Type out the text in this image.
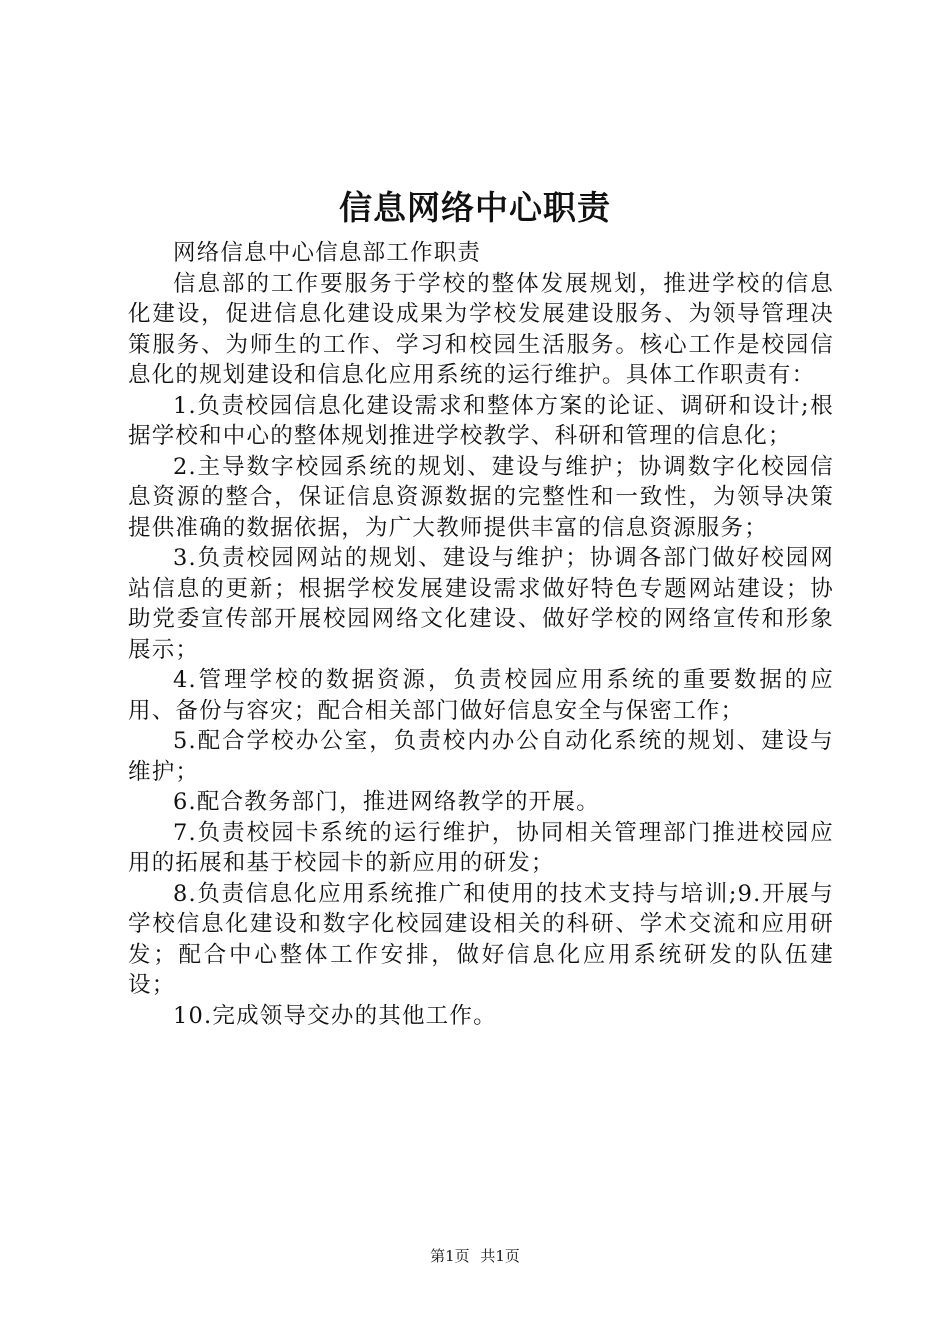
信息网络中心职责

网络信息中心信息部工作职责

信息部的工作要服务于学校的整体发展规划，推进学校的信息化建设，促进信息化建设成果为学校发展建设服务、为领导管理决策服务、为师生的工作、学习和校园生活服务。核心工作是校园信息化的规划建设和信息化应用系统的运行维护。具体工作职责有：

1.负责校园信息化建设需求和整体方案的论证、调研和设计;根据学校和中心的整体规划推进学校教学、科研和管理的信息化；

2.主导数字校园系统的规划、建设与维护；协调数字化校园信息资源的整合，保证信息资源数据的完整性和一致性，为领导决策提供准确的数据依据，为广大教师提供丰富的信息资源服务；

3.负责校园网站的规划、建设与维护；协调各部门做好校园网站信息的更新；根据学校发展建设需求做好特色专题网站建设；协助党委宣传部开展校园网络文化建设、做好学校的网络宣传和形象展示；

4.管理学校的数据资源，负责校园应用系统的重要数据的应用、备份与容灾；配合相关部门做好信息安全与保密工作；

5.配合学校办公室，负责校内办公自动化系统的规划、建设与维护；

6.配合教务部门，推进网络教学的开展。

7.负责校园卡系统的运行维护，协同相关管理部门推进校园应用的拓展和基于校园卡的新应用的研发；

8.负责信息化应用系统推广和使用的技术支持与培训;9.开展与学校信息化建设和数字化校园建设相关的科研、学术交流和应用研发；配合中心整体工作安排，做好信息化应用系统研发的队伍建设；

10.完成领导交办的其他工作。

第1页 共1页
